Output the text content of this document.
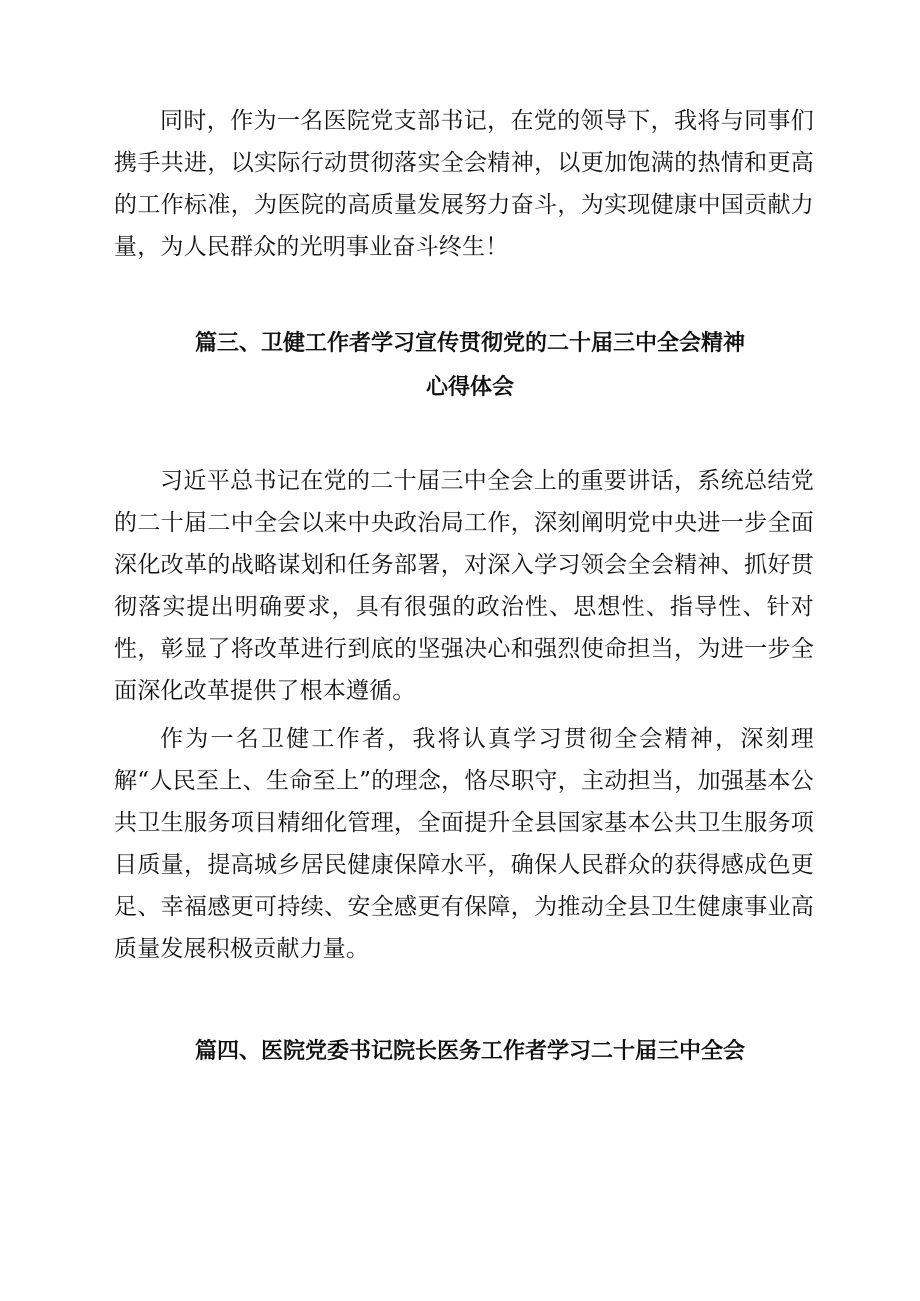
同时，作为一名医院党支部书记，在党的领导下，我将与同事们携手共进，以实际行动贯彻落实全会精神，以更加饱满的热情和更高的工作标准，为医院的高质量发展努力奋斗，为实现健康中国贡献力量，为人民群众的光明事业奋斗终生！

篇三、卫健工作者学习宣传贯彻党的二十届三中全会精神
心得体会

习近平总书记在党的二十届三中全会上的重要讲话，系统总结党的二十届二中全会以来中央政治局工作，深刻阐明党中央进一步全面深化改革的战略谋划和任务部署，对深入学习领会全会精神、抓好贯彻落实提出明确要求，具有很强的政治性、思想性、指导性、针对性，彰显了将改革进行到底的坚强决心和强烈使命担当，为进一步全面深化改革提供了根本遵循。

作为一名卫健工作者，我将认真学习贯彻全会精神，深刻理解“人民至上、生命至上”的理念，恪尽职守，主动担当，加强基本公共卫生服务项目精细化管理，全面提升全县国家基本公共卫生服务项目质量，提高城乡居民健康保障水平，确保人民群众的获得感成色更足、幸福感更可持续、安全感更有保障，为推动全县卫生健康事业高质量发展积极贡献力量。

篇四、医院党委书记院长医务工作者学习二十届三中全会
